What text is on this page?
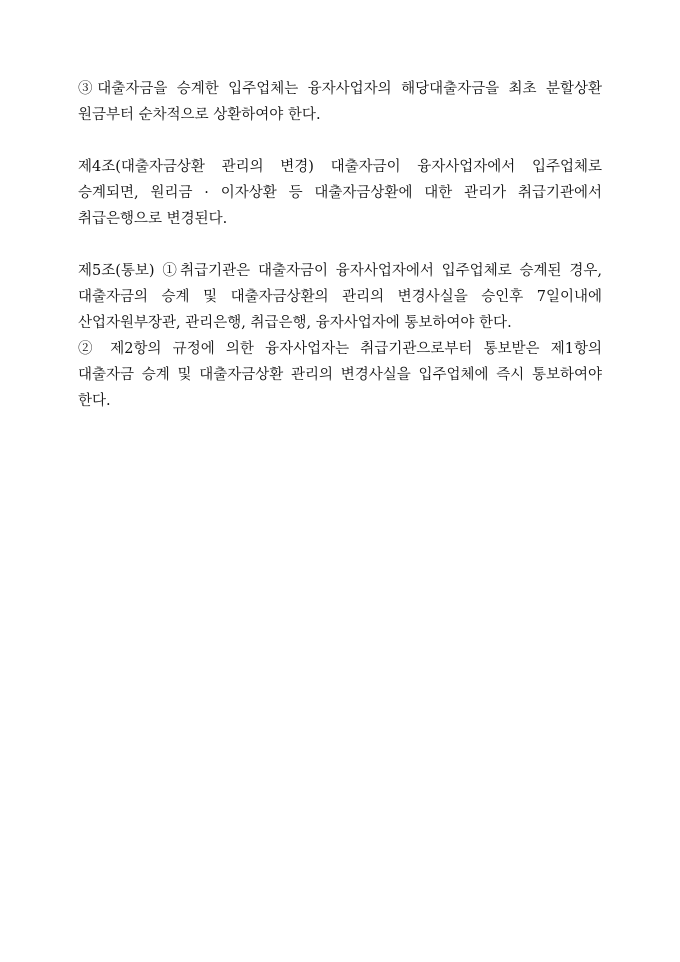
③대출자금을 승계한 입주업체는 융자사업자의 해당대출자금을 최초 분할상환 원금부터 순차적으로 상환하여야 한다.

제4조(대출자금상환 관리의 변경) 대출자금이 융자사업자에서 입주업체로 승계되면, 원리금 · 이자상환 등 대출자금상환에 대한 관리가 취급기관에서 취급은행으로 변경된다.

제5조(통보) ①취급기관은 대출자금이 융자사업자에서 입주업체로 승계된 경우, 대출자금의 승계 및 대출자금상환의 관리의 변경사실을 승인후 7일이내에 산업자원부장관, 관리은행, 취급은행, 융자사업자에 통보하여야 한다.

② 제2항의 규정에 의한 융자사업자는 취급기관으로부터 통보받은 제1항의 대출자금 승계 및 대출자금상환 관리의 변경사실을 입주업체에 즉시 통보하여야 한다.
